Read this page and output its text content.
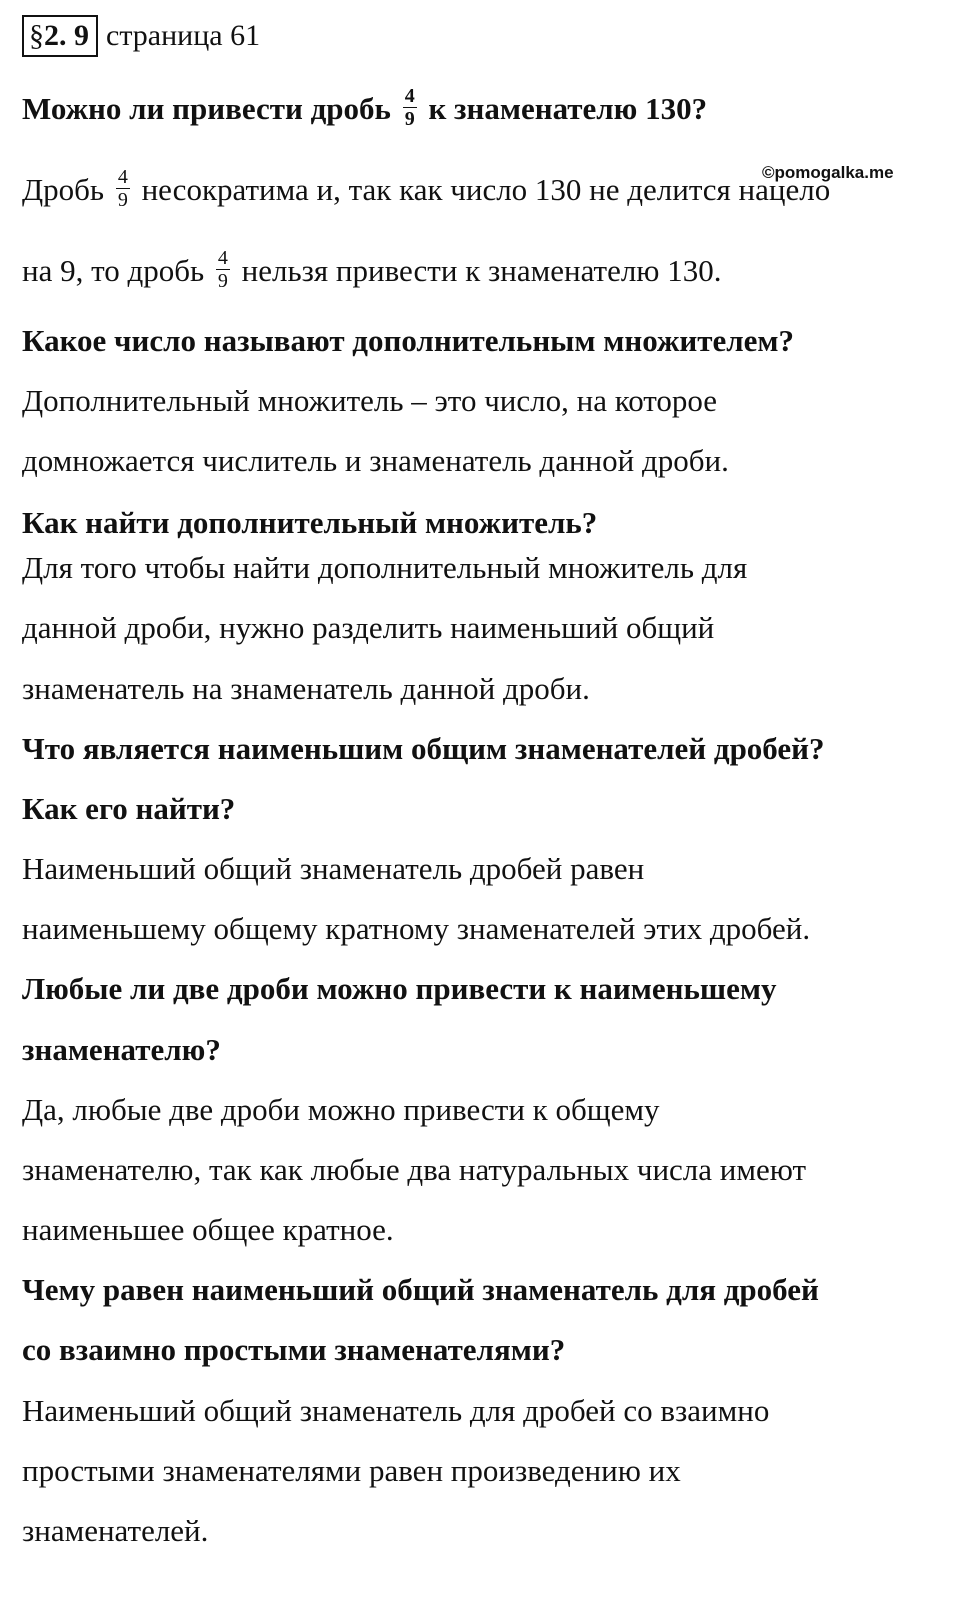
§2. 9 страница 61
Можно ли привести дробь $\frac{4}{9}$ к знаменателю 130?
©pomogalka.me
Дробь $\frac{4}{9}$ несократима и, так как число 130 не делится нацело
на 9, то дробь $\frac{4}{9}$ нельзя привести к знаменателю 130.
Какое число называют дополнительным множителем?
Дополнительный множитель – это число, на которое
домножается числитель и знаменатель данной дроби.
Как найти дополнительный множитель?
Для того чтобы найти дополнительный множитель для
данной дроби, нужно разделить наименьший общий
знаменатель на знаменатель данной дроби.
Что является наименьшим общим знаменателей дробей?
Как его найти?
Наименьший общий знаменатель дробей равен
наименьшему общему кратному знаменателей этих дробей.
Любые ли две дроби можно привести к наименьшему
знаменателю?
Да, любые две дроби можно привести к общему
знаменателю, так как любые два натуральных числа имеют
наименьшее общее кратное.
Чему равен наименьший общий знаменатель для дробей
со взаимно простыми знаменателями?
Наименьший общий знаменатель для дробей со взаимно
простыми знаменателями равен произведению их
знаменателей.
